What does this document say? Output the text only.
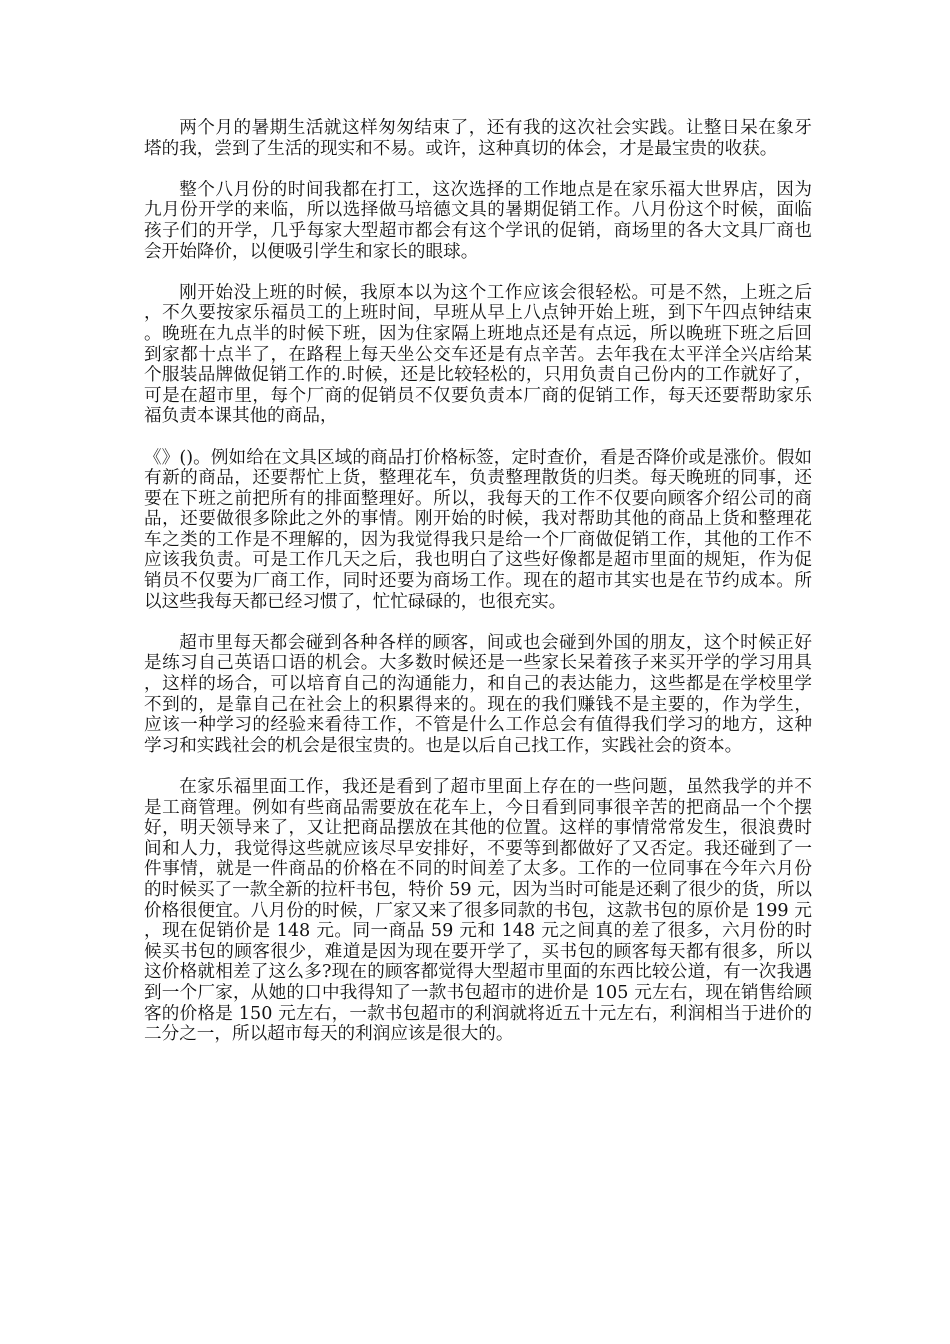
两个月的暑期生活就这样匆匆结束了，还有我的这次社会实践。让整日呆在象牙塔的我，尝到了生活的现实和不易。或许，这种真切的体会，才是最宝贵的收获。

整个八月份的时间我都在打工，这次选择的工作地点是在家乐福大世界店，因为九月份开学的来临，所以选择做马培德文具的暑期促销工作。八月份这个时候，面临孩子们的开学，几乎每家大型超市都会有这个学讯的促销，商场里的各大文具厂商也会开始降价，以便吸引学生和家长的眼球。

刚开始没上班的时候，我原本以为这个工作应该会很轻松。可是不然，上班之后，不久要按家乐福员工的上班时间，早班从早上八点钟开始上班，到下午四点钟结束。晚班在九点半的时候下班，因为住家隔上班地点还是有点远，所以晚班下班之后回到家都十点半了，在路程上每天坐公交车还是有点辛苦。去年我在太平洋全兴店给某个服装品牌做促销工作的.时候，还是比较轻松的，只用负责自己份内的工作就好了，可是在超市里，每个厂商的促销员不仅要负责本厂商的促销工作，每天还要帮助家乐福负责本课其他的商品，

《》()。例如给在文具区域的商品打价格标签，定时查价，看是否降价或是涨价。假如有新的商品，还要帮忙上货，整理花车，负责整理散货的归类。每天晚班的同事，还要在下班之前把所有的排面整理好。所以，我每天的工作不仅要向顾客介绍公司的商品，还要做很多除此之外的事情。刚开始的时候，我对帮助其他的商品上货和整理花车之类的工作是不理解的，因为我觉得我只是给一个厂商做促销工作，其他的工作不应该我负责。可是工作几天之后，我也明白了这些好像都是超市里面的规矩，作为促销员不仅要为厂商工作，同时还要为商场工作。现在的超市其实也是在节约成本。所以这些我每天都已经习惯了，忙忙碌碌的，也很充实。

超市里每天都会碰到各种各样的顾客，间或也会碰到外国的朋友，这个时候正好是练习自己英语口语的机会。大多数时候还是一些家长呆着孩子来买开学的学习用具，这样的场合，可以培育自己的沟通能力，和自己的表达能力，这些都是在学校里学不到的，是靠自己在社会上的积累得来的。现在的我们赚钱不是主要的，作为学生，应该一种学习的经验来看待工作，不管是什么工作总会有值得我们学习的地方，这种学习和实践社会的机会是很宝贵的。也是以后自己找工作，实践社会的资本。

在家乐福里面工作，我还是看到了超市里面上存在的一些问题，虽然我学的并不是工商管理。例如有些商品需要放在花车上，今日看到同事很辛苦的把商品一个个摆好，明天领导来了，又让把商品摆放在其他的位置。这样的事情常常发生，很浪费时间和人力，我觉得这些就应该尽早安排好，不要等到都做好了又否定。我还碰到了一件事情，就是一件商品的价格在不同的时间差了太多。工作的一位同事在今年六月份的时候买了一款全新的拉杆书包，特价 59 元，因为当时可能是还剩了很少的货，所以价格很便宜。八月份的时候，厂家又来了很多同款的书包，这款书包的原价是 199 元，现在促销价是 148 元。同一商品 59 元和 148 元之间真的差了很多，六月份的时候买书包的顾客很少，难道是因为现在要开学了，买书包的顾客每天都有很多，所以这价格就相差了这么多?现在的顾客都觉得大型超市里面的东西比较公道，有一次我遇到一个厂家，从她的口中我得知了一款书包超市的进价是 105 元左右，现在销售给顾客的价格是 150 元左右，一款书包超市的利润就将近五十元左右，利润相当于进价的二分之一，所以超市每天的利润应该是很大的。
